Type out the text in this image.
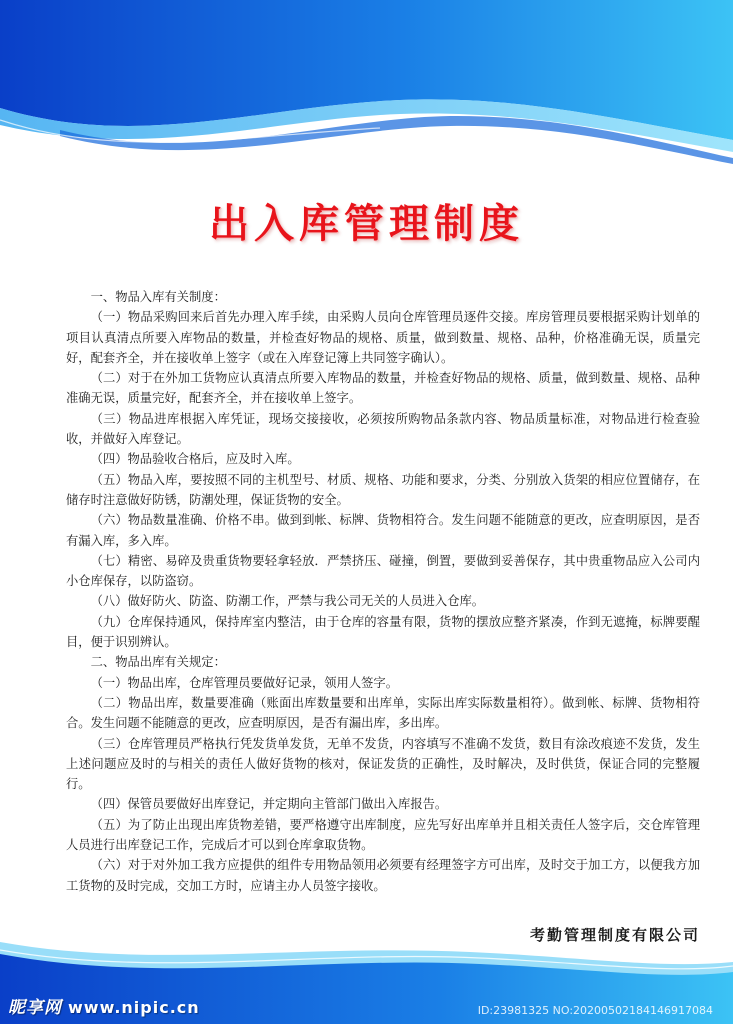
出入库管理制度

一、物品入库有关制度：

（一）物品采购回来后首先办理入库手续，由采购人员向仓库管理员逐件交接。库房管理员要根据采购计划单的项目认真清点所要入库物品的数量，并检查好物品的规格、质量，做到数量、规格、品种，价格准确无误，质量完好，配套齐全，并在接收单上签字（或在入库登记簿上共同签字确认）。

（二）对于在外加工货物应认真清点所要入库物品的数量，并检查好物品的规格、质量，做到数量、规格、品种准确无误，质量完好，配套齐全，并在接收单上签字。

（三）物品进库根据入库凭证，现场交接接收，必须按所购物品条款内容、物品质量标准，对物品进行检查验收，并做好入库登记。

（四）物品验收合格后，应及时入库。

（五）物品入库，要按照不同的主机型号、材质、规格、功能和要求，分类、分别放入货架的相应位置储存，在储存时注意做好防锈，防潮处理，保证货物的安全。

（六）物品数量准确、价格不串。做到到帐、标牌、货物相符合。发生问题不能随意的更改，应查明原因，是否有漏入库，多入库。

（七）精密、易碎及贵重货物要轻拿轻放．严禁挤压、碰撞，倒置，要做到妥善保存，其中贵重物品应入公司内小仓库保存，以防盗窃。

（八）做好防火、防盗、防潮工作，严禁与我公司无关的人员进入仓库。

（九）仓库保持通风，保持库室内整洁，由于仓库的容量有限，货物的摆放应整齐紧凑，作到无遮掩，标牌要醒目，便于识别辨认。

二、物品出库有关规定：

（一）物品出库，仓库管理员要做好记录，领用人签字。

（二）物品出库，数量要准确（账面出库数量要和出库单，实际出库实际数量相符）。做到帐、标牌、货物相符合。发生问题不能随意的更改，应查明原因，是否有漏出库，多出库。

（三）仓库管理员严格执行凭发货单发货，无单不发货，内容填写不准确不发货，数目有涂改痕迹不发货，发生上述问题应及时的与相关的责任人做好货物的核对，保证发货的正确性，及时解决，及时供货，保证合同的完整履行。

（四）保管员要做好出库登记，并定期向主管部门做出入库报告。

（五）为了防止出现出库货物差错，要严格遵守出库制度，应先写好出库单并且相关责任人签字后，交仓库管理人员进行出库登记工作，完成后才可以到仓库拿取货物。

（六）对于对外加工我方应提供的组件专用物品领用必须要有经理签字方可出库，及时交于加工方，以便我方加工货物的及时完成，交加工方时，应请主办人员签字接收。

考勤管理制度有限公司
昵享网 www.nipic.cn	ID:23981325 NO:20200502184146917084
